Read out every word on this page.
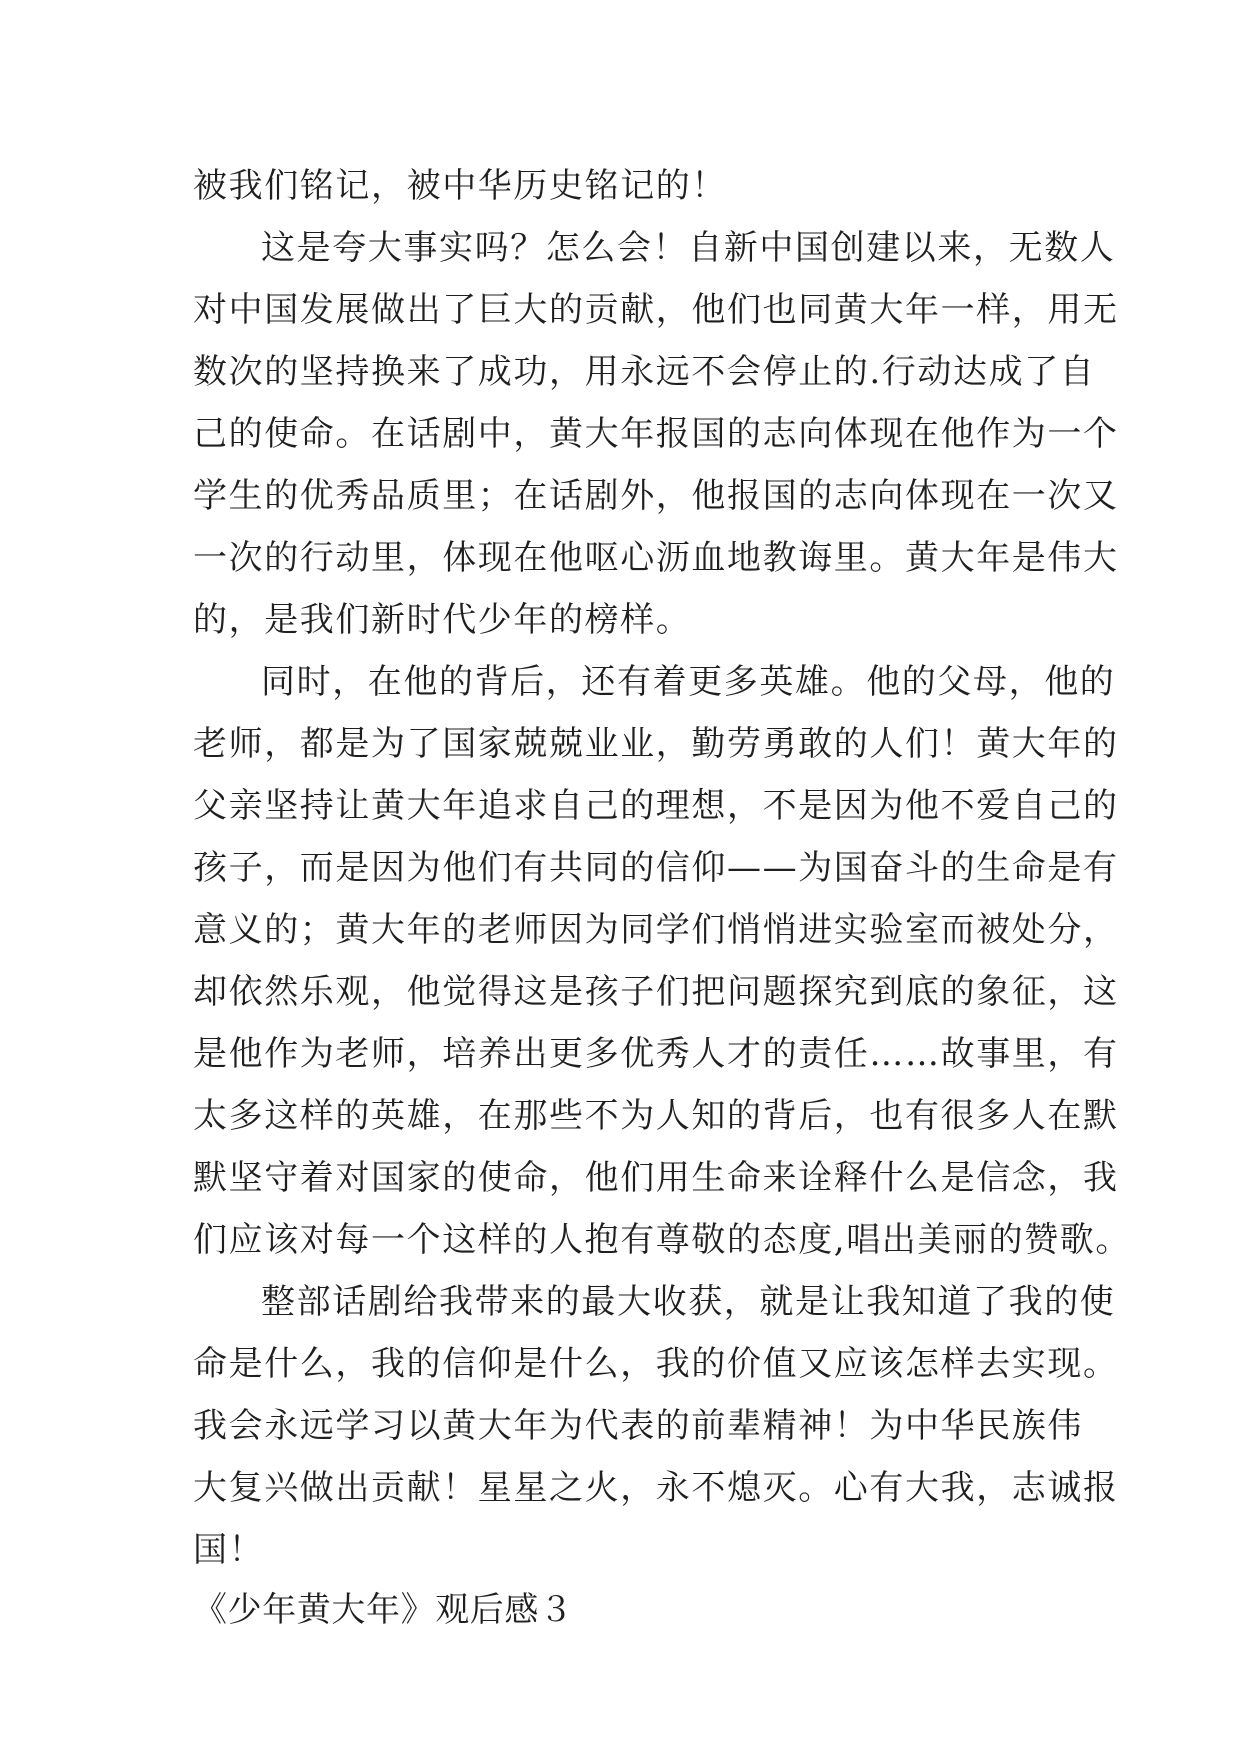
被我们铭记，被中华历史铭记的！
这是夸大事实吗？怎么会！自新中国创建以来，无数人
对中国发展做出了巨大的贡献，他们也同黄大年一样，用无
数次的坚持换来了成功，用永远不会停止的.行动达成了自
己的使命。在话剧中，黄大年报国的志向体现在他作为一个
学生的优秀品质里；在话剧外，他报国的志向体现在一次又
一次的行动里，体现在他呕心沥血地教诲里。黄大年是伟大
的，是我们新时代少年的榜样。
同时，在他的背后，还有着更多英雄。他的父母，他的
老师，都是为了国家兢兢业业，勤劳勇敢的人们！黄大年的
父亲坚持让黄大年追求自己的理想，不是因为他不爱自己的
孩子，而是因为他们有共同的信仰——为国奋斗的生命是有
意义的；黄大年的老师因为同学们悄悄进实验室而被处分，
却依然乐观，他觉得这是孩子们把问题探究到底的象征，这
是他作为老师，培养出更多优秀人才的责任……故事里，有
太多这样的英雄，在那些不为人知的背后，也有很多人在默
默坚守着对国家的使命，他们用生命来诠释什么是信念，我
们应该对每一个这样的人抱有尊敬的态度,唱出美丽的赞歌。
整部话剧给我带来的最大收获，就是让我知道了我的使
命是什么，我的信仰是什么，我的价值又应该怎样去实现。
我会永远学习以黄大年为代表的前辈精神！为中华民族伟
大复兴做出贡献！星星之火，永不熄灭。心有大我，志诚报
国！
《少年黄大年》观后感３
